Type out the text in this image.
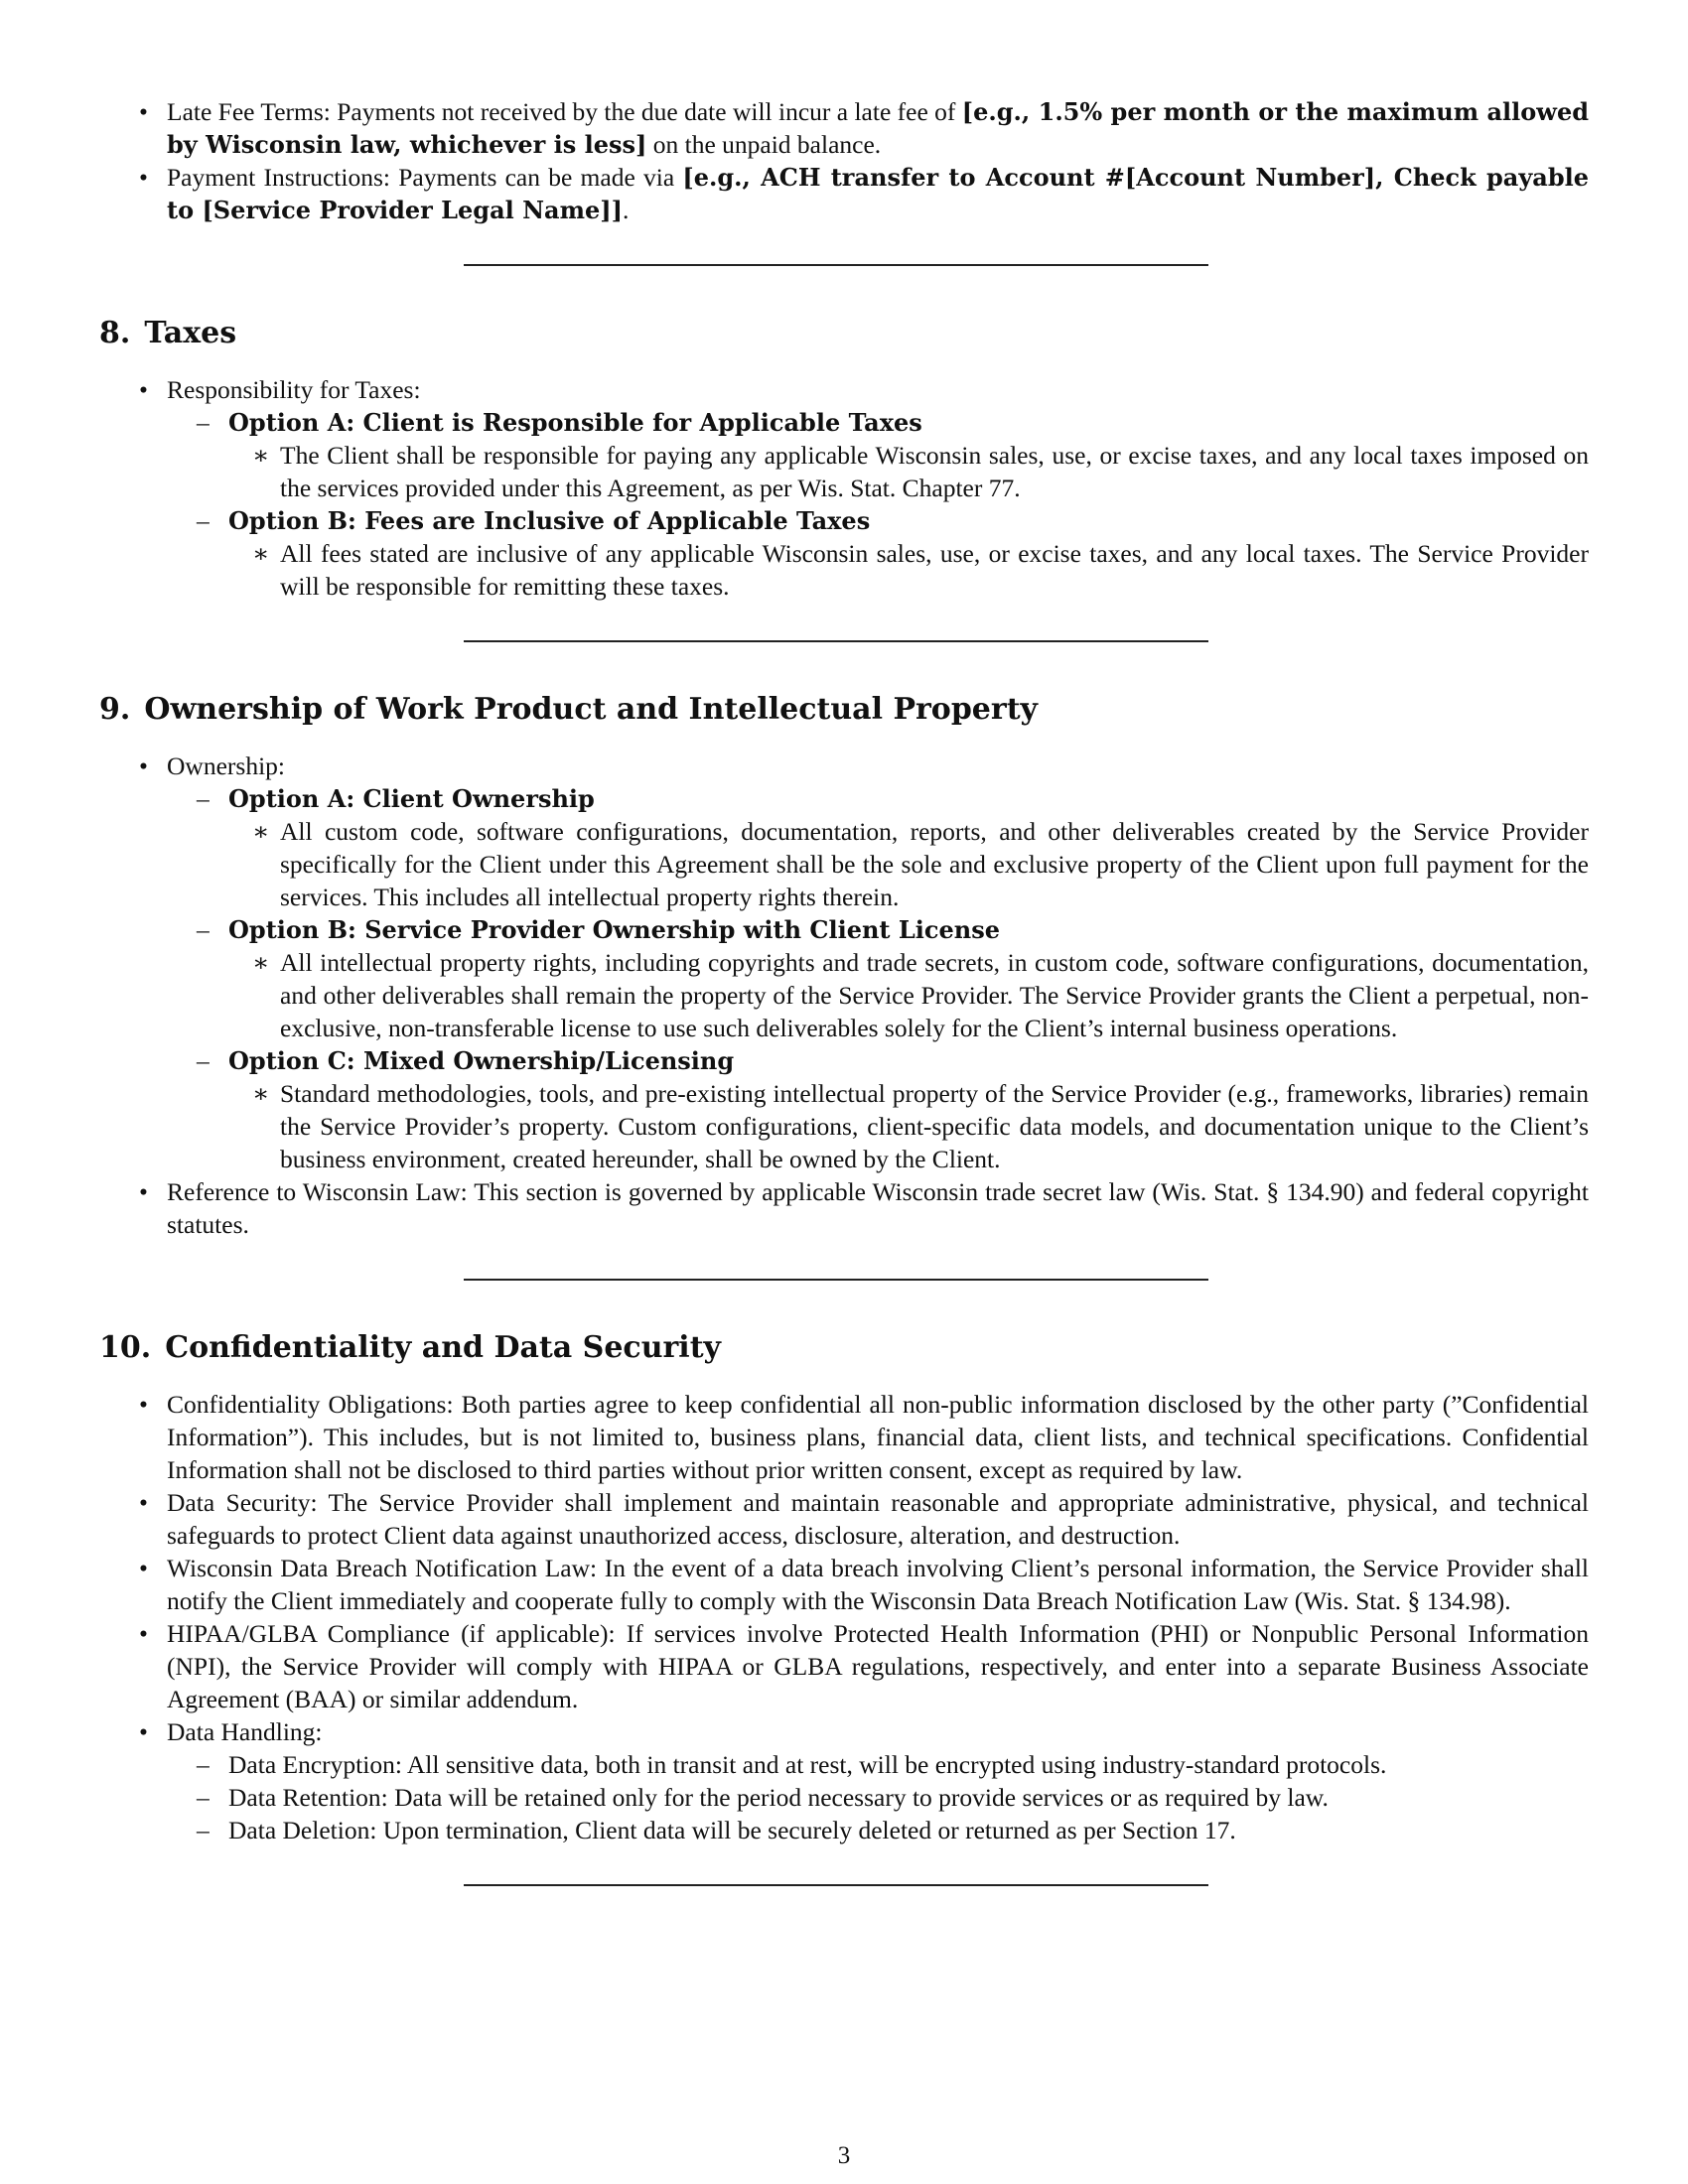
• Late Fee Terms: Payments not received by the due date will incur a late fee of [e.g., 1.5% per month or the maximum allowed by Wisconsin law, whichever is less] on the unpaid balance.
• Payment Instructions: Payments can be made via [e.g., ACH transfer to Account #[Account Number], Check payable to [Service Provider Legal Name]].
8. Taxes
• Responsibility for Taxes:
– Option A: Client is Responsible for Applicable Taxes
∗ The Client shall be responsible for paying any applicable Wisconsin sales, use, or excise taxes, and any local taxes imposed on the services provided under this Agreement, as per Wis. Stat. Chapter 77.
– Option B: Fees are Inclusive of Applicable Taxes
∗ All fees stated are inclusive of any applicable Wisconsin sales, use, or excise taxes, and any local taxes. The Service Provider will be responsible for remitting these taxes.
9. Ownership of Work Product and Intellectual Property
• Ownership:
– Option A: Client Ownership
∗ All custom code, software configurations, documentation, reports, and other deliverables created by the Service Provider specifically for the Client under this Agreement shall be the sole and exclusive property of the Client upon full payment for the services. This includes all intellectual property rights therein.
– Option B: Service Provider Ownership with Client License
∗ All intellectual property rights, including copyrights and trade secrets, in custom code, software configurations, documentation, and other deliverables shall remain the property of the Service Provider. The Service Provider grants the Client a perpetual, non-exclusive, non-transferable license to use such deliverables solely for the Client’s internal business operations.
– Option C: Mixed Ownership/Licensing
∗ Standard methodologies, tools, and pre-existing intellectual property of the Service Provider (e.g., frameworks, libraries) remain the Service Provider’s property. Custom configurations, client-specific data models, and documentation unique to the Client’s business environment, created hereunder, shall be owned by the Client.
• Reference to Wisconsin Law: This section is governed by applicable Wisconsin trade secret law (Wis. Stat. § 134.90) and federal copyright statutes.
10. Confidentiality and Data Security
• Confidentiality Obligations: Both parties agree to keep confidential all non-public information disclosed by the other party (”Confidential Information”). This includes, but is not limited to, business plans, financial data, client lists, and technical specifications. Confidential Information shall not be disclosed to third parties without prior written consent, except as required by law.
• Data Security: The Service Provider shall implement and maintain reasonable and appropriate administrative, physical, and technical safeguards to protect Client data against unauthorized access, disclosure, alteration, and destruction.
• Wisconsin Data Breach Notification Law: In the event of a data breach involving Client’s personal information, the Service Provider shall notify the Client immediately and cooperate fully to comply with the Wisconsin Data Breach Notification Law (Wis. Stat. § 134.98).
• HIPAA/GLBA Compliance (if applicable): If services involve Protected Health Information (PHI) or Nonpublic Personal Information (NPI), the Service Provider will comply with HIPAA or GLBA regulations, respectively, and enter into a separate Business Associate Agreement (BAA) or similar addendum.
• Data Handling:
– Data Encryption: All sensitive data, both in transit and at rest, will be encrypted using industry-standard protocols.
– Data Retention: Data will be retained only for the period necessary to provide services or as required by law.
– Data Deletion: Upon termination, Client data will be securely deleted or returned as per Section 17.
3
